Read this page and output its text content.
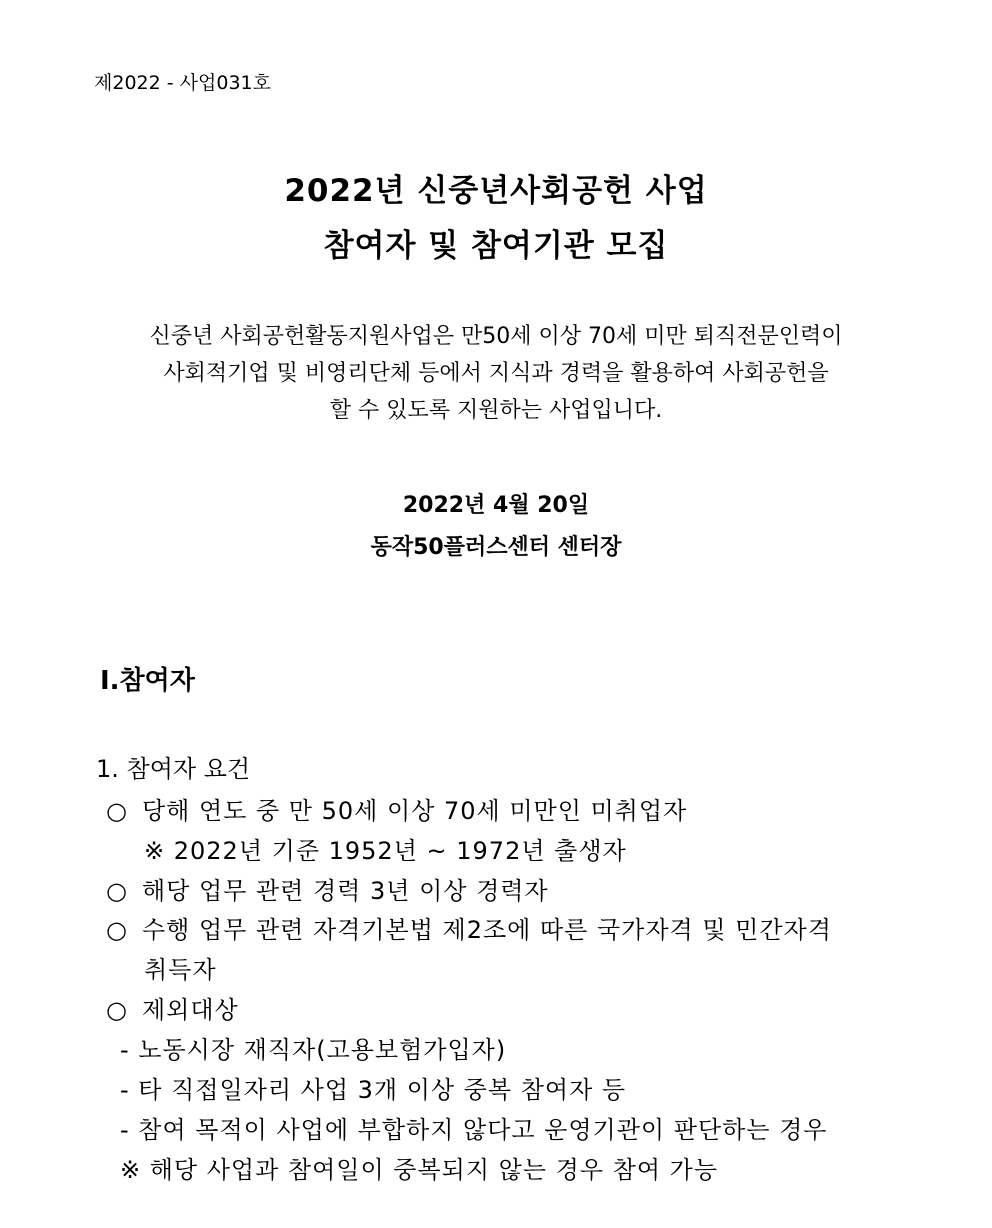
제2022 - 사업031호
2022년 신중년사회공헌 사업
참여자 및 참여기관 모집
신중년 사회공헌활동지원사업은 만50세 이상 70세 미만 퇴직전문인력이
사회적기업 및 비영리단체 등에서 지식과 경력을 활용하여 사회공헌을
할 수 있도록 지원하는 사업입니다.
2022년 4월 20일
동작50플러스센터 센터장
Ⅰ.참여자
1. 참여자 요건
○ 당해 연도 중 만 50세 이상 70세 미만인 미취업자
※ 2022년 기준 1952년 ~ 1972년 출생자
○ 해당 업무 관련 경력 3년 이상 경력자
○ 수행 업무 관련 자격기본법 제2조에 따른 국가자격 및 민간자격
취득자
○ 제외대상
- 노동시장 재직자(고용보험가입자)
- 타 직접일자리 사업 3개 이상 중복 참여자 등
- 참여 목적이 사업에 부합하지 않다고 운영기관이 판단하는 경우
※ 해당 사업과 참여일이 중복되지 않는 경우 참여 가능
